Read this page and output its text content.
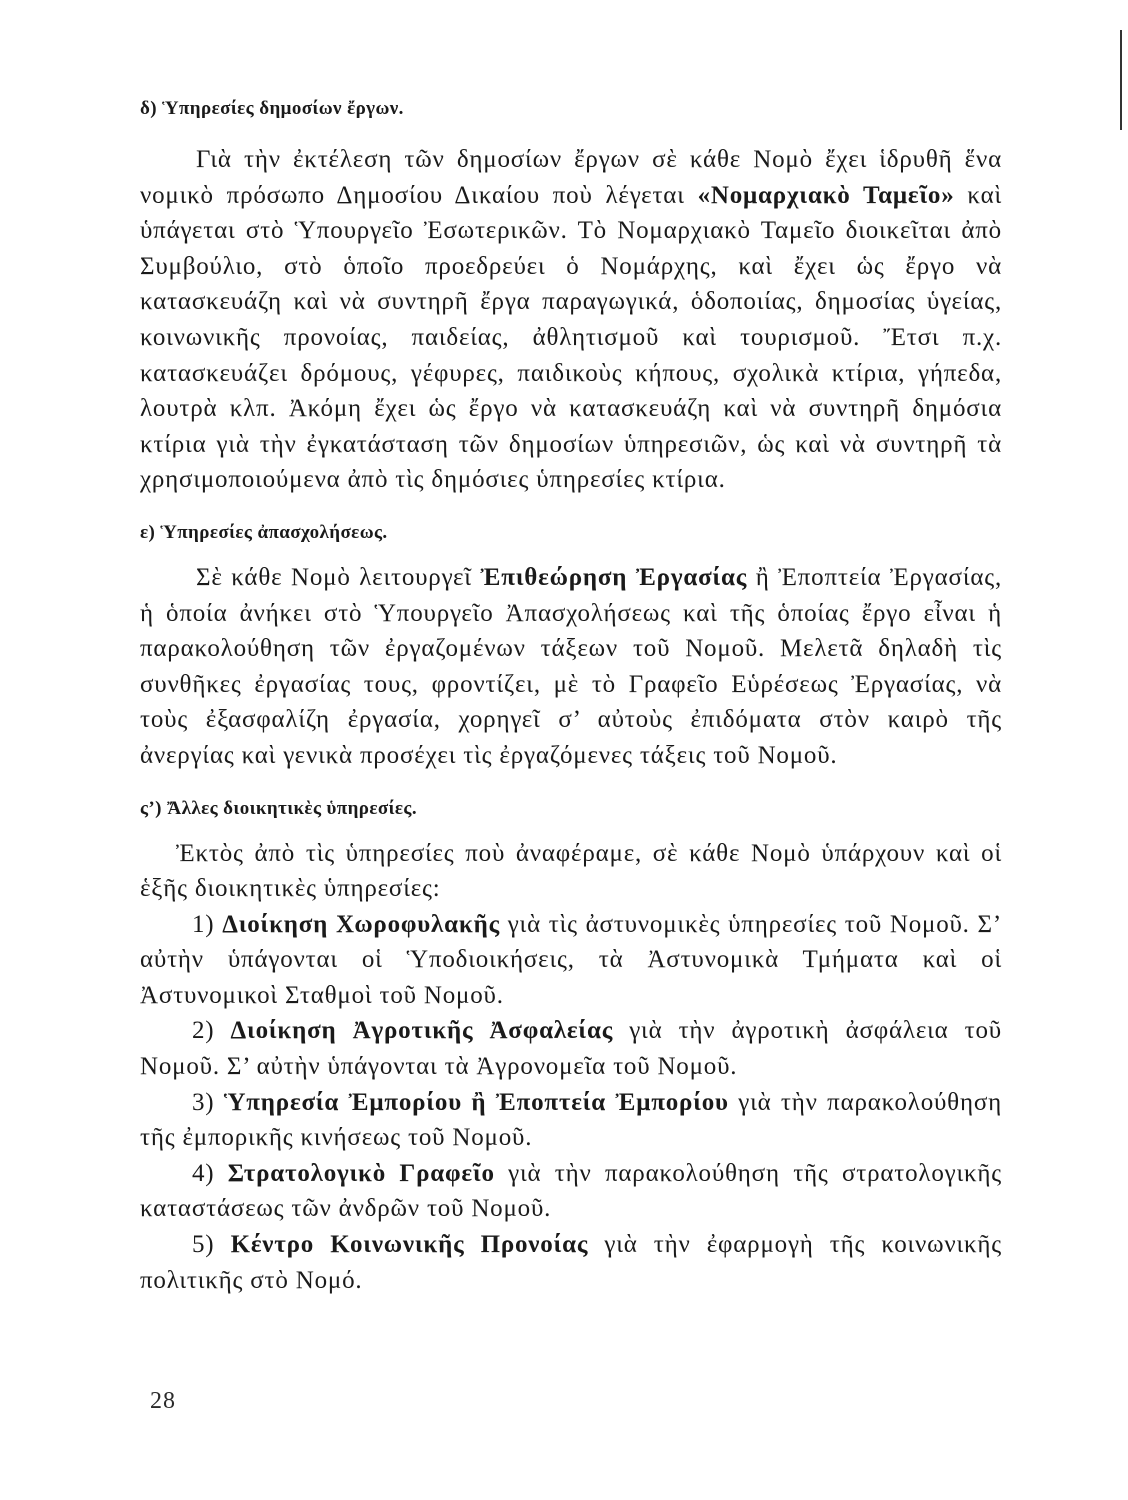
δ) Ὑπηρεσίες δημοσίων ἔργων.

Γιὰ τὴν ἐκτέλεση τῶν δημοσίων ἔργων σὲ κάθε Νομὸ ἔχει ἱδρυθῆ ἕνα νομικὸ πρόσωπο Δημοσίου Δικαίου ποὺ λέγεται «Νομαρχιακὸ Ταμεῖο» καὶ ὑπάγεται στὸ Ὑπουργεῖο Ἐσωτερικῶν. Τὸ Νομαρχιακὸ Ταμεῖο διοικεῖται ἀπὸ Συμβούλιο, στὸ ὁποῖο προεδρεύει ὁ Νομάρχης, καὶ ἔχει ὡς ἔργο νὰ κατασκευάζη καὶ νὰ συντηρῆ ἔργα παραγωγικά, ὁδοποιίας, δημοσίας ὑγείας, κοινωνικῆς προνοίας, παιδείας, ἀθλητισμοῦ καὶ τουρισμοῦ. Ἔτσι π.χ. κατασκευάζει δρόμους, γέφυρες, παιδικοὺς κήπους, σχολικὰ κτίρια, γήπεδα, λουτρὰ κλπ. Ἀκόμη ἔχει ὡς ἔργο νὰ κατασκευάζη καὶ νὰ συντηρῆ δημόσια κτίρια γιὰ τὴν ἐγκατάσταση τῶν δημοσίων ὑπηρεσιῶν, ὡς καὶ νὰ συντηρῆ τὰ χρησιμοποιούμενα ἀπὸ τὶς δημόσιες ὑπηρεσίες κτίρια.

ε) Ὑπηρεσίες ἀπασχολήσεως.

Σὲ κάθε Νομὸ λειτουργεῖ Ἐπιθεώρηση Ἐργασίας ἢ Ἐποπτεία Ἐργασίας, ἡ ὁποία ἀνήκει στὸ Ὑπουργεῖο Ἀπασχολήσεως καὶ τῆς ὁποίας ἔργο εἶναι ἡ παρακολούθηση τῶν ἐργαζομένων τάξεων τοῦ Νομοῦ. Μελετᾶ δηλαδὴ τὶς συνθῆκες ἐργασίας τους, φροντίζει, μὲ τὸ Γραφεῖο Εὑρέσεως Ἐργασίας, νὰ τοὺς ἐξασφαλίζη ἐργασία, χορηγεῖ σ’ αὐτοὺς ἐπιδόματα στὸν καιρὸ τῆς ἀνεργίας καὶ γενικὰ προσέχει τὶς ἐργαζόμενες τάξεις τοῦ Νομοῦ.

ς’) Ἄλλες διοικητικὲς ὑπηρεσίες.

Ἐκτὸς ἀπὸ τὶς ὑπηρεσίες ποὺ ἀναφέραμε, σὲ κάθε Νομὸ ὑπάρχουν καὶ οἱ ἑξῆς διοικητικὲς ὑπηρεσίες:

1) Διοίκηση Χωροφυλακῆς γιὰ τὶς ἀστυνομικὲς ὑπηρεσίες τοῦ Νομοῦ. Σ’ αὐτὴν ὑπάγονται οἱ Ὑποδιοικήσεις, τὰ Ἀστυνομικὰ Τμήματα καὶ οἱ Ἀστυνομικοὶ Σταθμοὶ τοῦ Νομοῦ.

2) Διοίκηση Ἀγροτικῆς Ἀσφαλείας γιὰ τὴν ἀγροτικὴ ἀσφάλεια τοῦ Νομοῦ. Σ’ αὐτὴν ὑπάγονται τὰ Ἀγρονομεῖα τοῦ Νομοῦ.

3) Ὑπηρεσία Ἐμπορίου ἢ Ἐποπτεία Ἐμπορίου γιὰ τὴν παρακολούθηση τῆς ἐμπορικῆς κινήσεως τοῦ Νομοῦ.

4) Στρατολογικὸ Γραφεῖο γιὰ τὴν παρακολούθηση τῆς στρατολογικῆς καταστάσεως τῶν ἀνδρῶν τοῦ Νομοῦ.

5) Κέντρο Κοινωνικῆς Προνοίας γιὰ τὴν ἐφαρμογὴ τῆς κοινωνικῆς πολιτικῆς στὸ Νομό.

28
